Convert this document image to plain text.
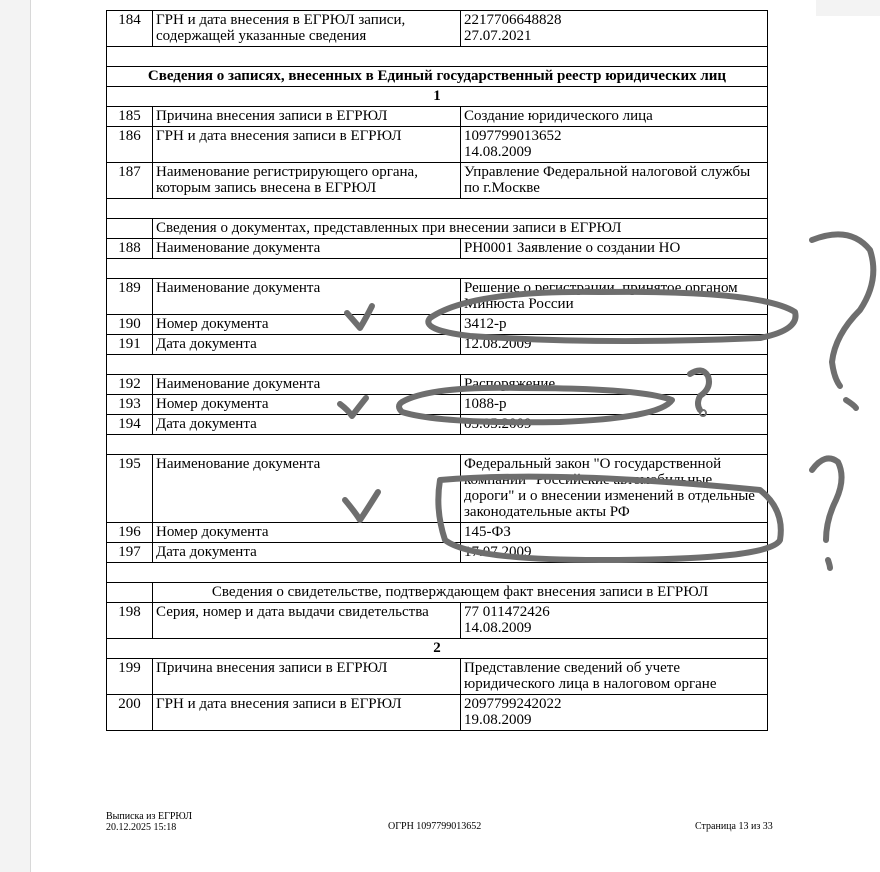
184	ГРН и дата внесения в ЕГРЮЛ записи, содержащей указанные сведения	2217706648828
27.07.2021

Сведения о записях, внесенных в Единый государственный реестр юридических лиц		
1		
185	Причина внесения записи в ЕГРЮЛ	Создание юридического лица
186	ГРН и дата внесения записи в ЕГРЮЛ	1097799013652
14.08.2009

187	Наименование регистрирующего органа, которым запись внесена в ЕГРЮЛ	Управление Федеральной налоговой службы по г.Москве

	Сведения о документах, представленных при внесении записи в ЕГРЮЛ	
188	Наименование документа	РН0001 Заявление о создании НО

189	Наименование документа	Решение о регистрации, принятое органом Минюста России
190	Номер документа	3412-р
191	Дата документа	12.08.2009

192	Наименование документа	Распоряжение
193	Номер документа	1088-р
194	Дата документа	05.05.2009

195	Наименование документа	Федеральный закон "О государственной компании "Российские автомобильные дороги" и о внесении изменений в отдельные законодательные акты РФ
196	Номер документа	145-ФЗ
197	Дата документа	17.07.2009

	Сведения о свидетельстве, подтверждающем факт внесения записи в ЕГРЮЛ	
198	Серия, номер и дата выдачи свидетельства	77 011472426
14.08.2009

2		
199	Причина внесения записи в ЕГРЮЛ	Представление сведений об учете юридического лица в налоговом органе
200	ГРН и дата внесения записи в ЕГРЮЛ	2097799242022
19.08.2009
Выписка из ЕГРЮЛ
20.12.2025 15:18	ОГРН 1097799013652	Страница 13 из 33
